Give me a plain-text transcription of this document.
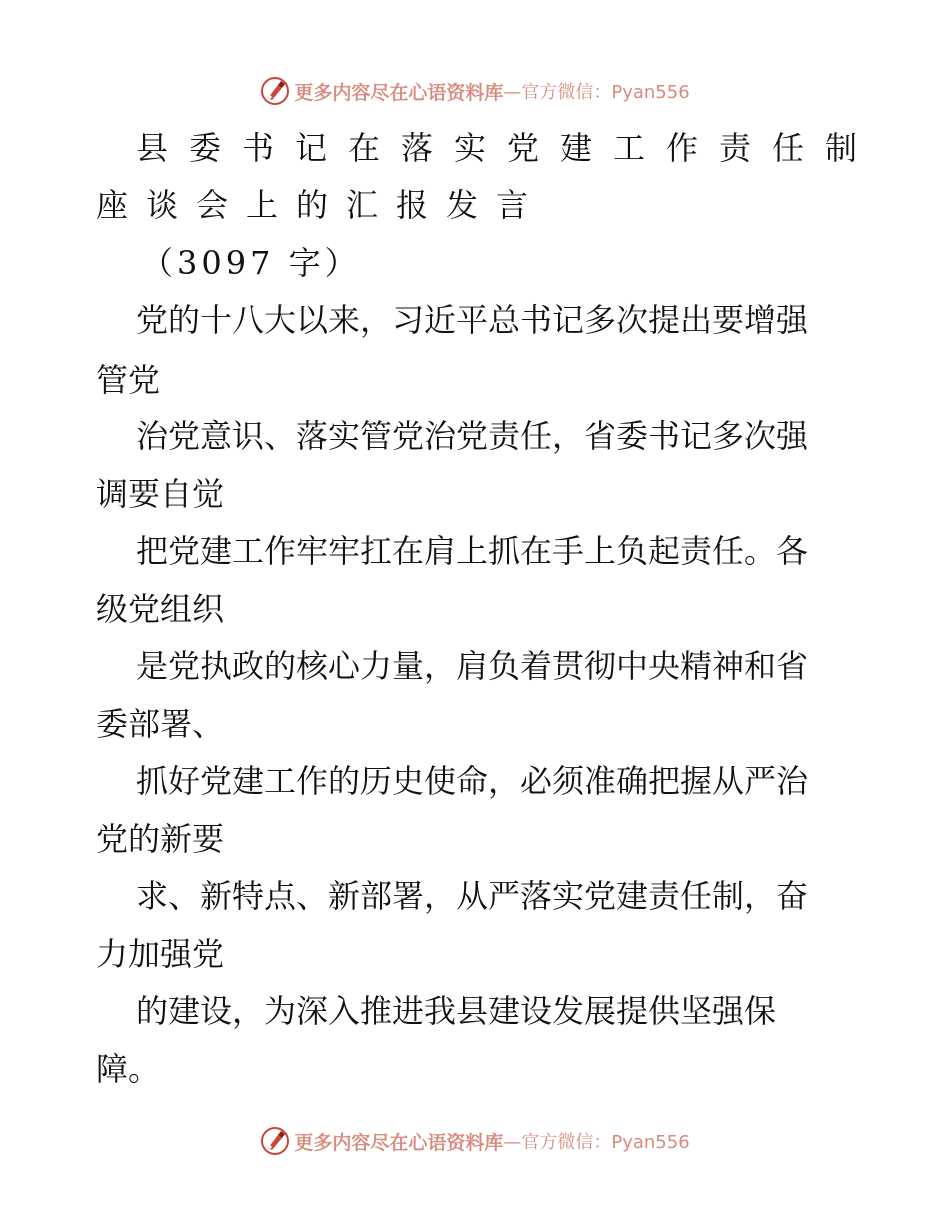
更多内容尽在心语资料库 —官方微信：Pyan556
县委书记在落实党建工作责任制
座谈会上的汇报发言
（3097 字）
党的十八大以来，习近平总书记多次提出要增强
管党
治党意识、落实管党治党责任，省委书记多次强
调要自觉
把党建工作牢牢扛在肩上抓在手上负起责任。各
级党组织
是党执政的核心力量，肩负着贯彻中央精神和省
委部署、
抓好党建工作的历史使命，必须准确把握从严治
党的新要
求、新特点、新部署，从严落实党建责任制，奋
力加强党
的建设，为深入推进我县建设发展提供坚强保
障。
更多内容尽在心语资料库 —官方微信：Pyan556
